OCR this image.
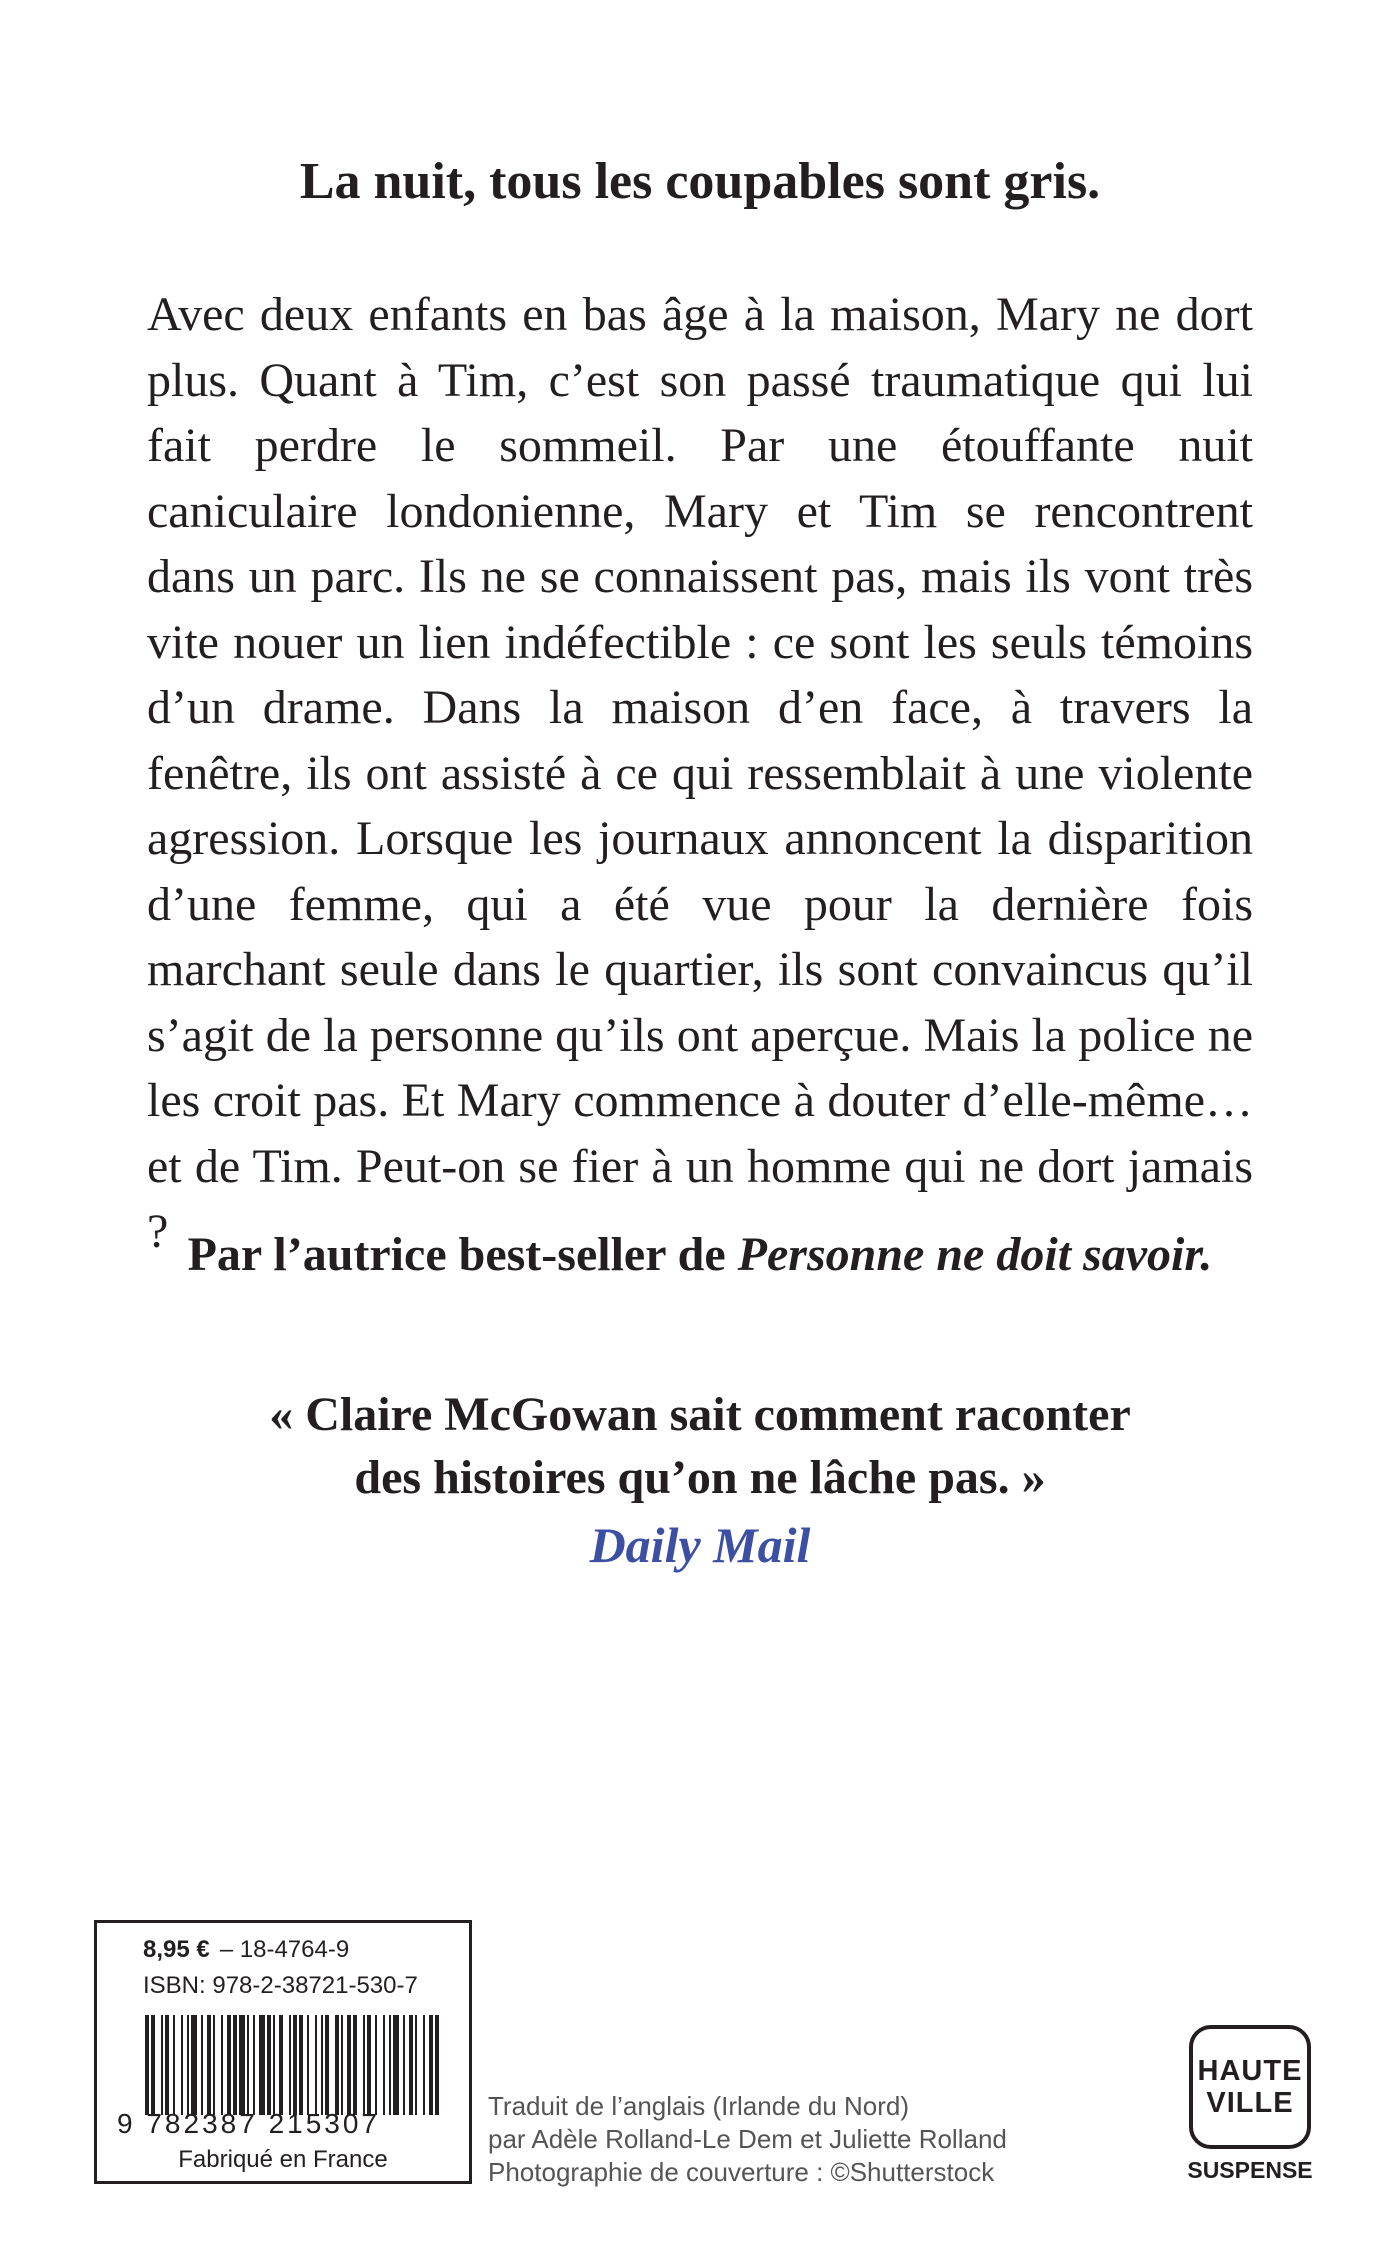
La nuit, tous les coupables sont gris.

Avec deux enfants en bas âge à la maison, Mary ne dort plus. Quant à Tim, c’est son passé traumatique qui lui fait perdre le sommeil. Par une étouffante nuit caniculaire londonienne, Mary et Tim se rencontrent dans un parc. Ils ne se connaissent pas, mais ils vont très vite nouer un lien indéfectible : ce sont les seuls témoins d’un drame. Dans la maison d’en face, à travers la fenêtre, ils ont assisté à ce qui ressemblait à une violente agression. Lorsque les journaux annoncent la disparition d’une femme, qui a été vue pour la dernière fois marchant seule dans le quartier, ils sont convaincus qu’il s’agit de la personne qu’ils ont aperçue. Mais la police ne les croit pas. Et Mary commence à douter d’elle-même… et de Tim. Peut-on se fier à un homme qui ne dort jamais ? Par l’autrice best-seller de Personne ne doit savoir.
« Claire McGowan sait comment raconter
des histoires qu’on ne lâche pas. »
Daily Mail
8,95 € – 18-4764-9
ISBN: 978-2-38721-530-7
9 782387 215307
Fabriqué en France
Traduit de l’anglais (Irlande du Nord)
par Adèle Rolland-Le Dem et Juliette Rolland
Photographie de couverture : ©Shutterstock
HAUTE
VILLE
SUSPENSE
